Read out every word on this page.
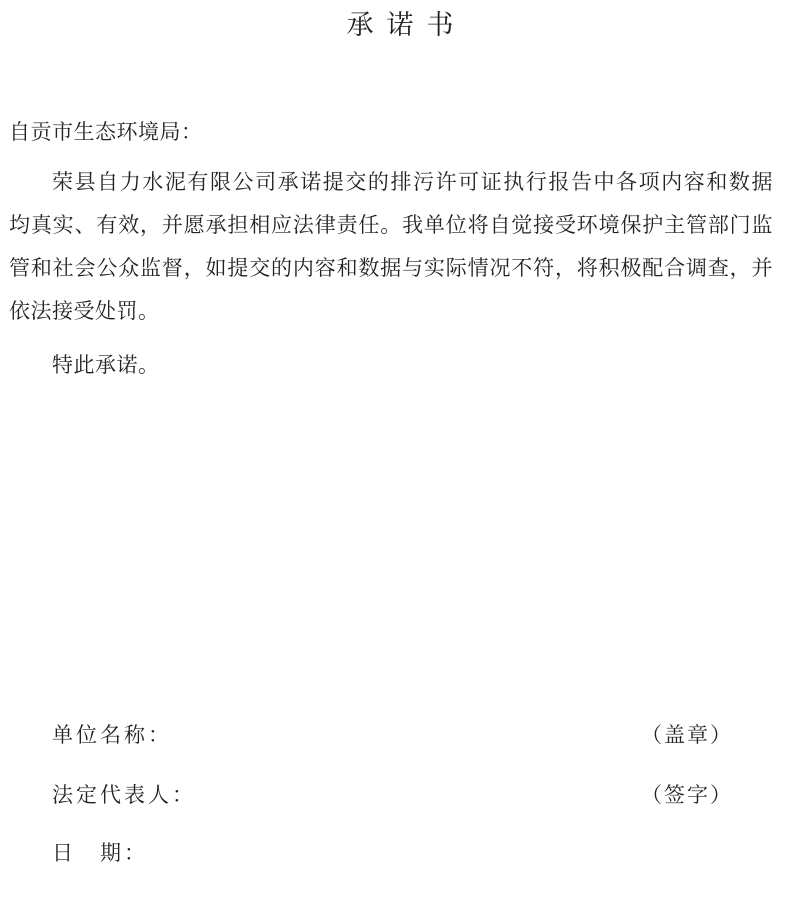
承诺书
自贡市生态环境局：
荣县自力水泥有限公司承诺提交的排污许可证执行报告中各项内容和数据
均真实、有效，并愿承担相应法律责任。我单位将自觉接受环境保护主管部门监
管和社会公众监督，如提交的内容和数据与实际情况不符，将积极配合调查，并
依法接受处罚。
特此承诺。
单位名称：	（盖章）
法定代表人：	（签字）
日　期：
